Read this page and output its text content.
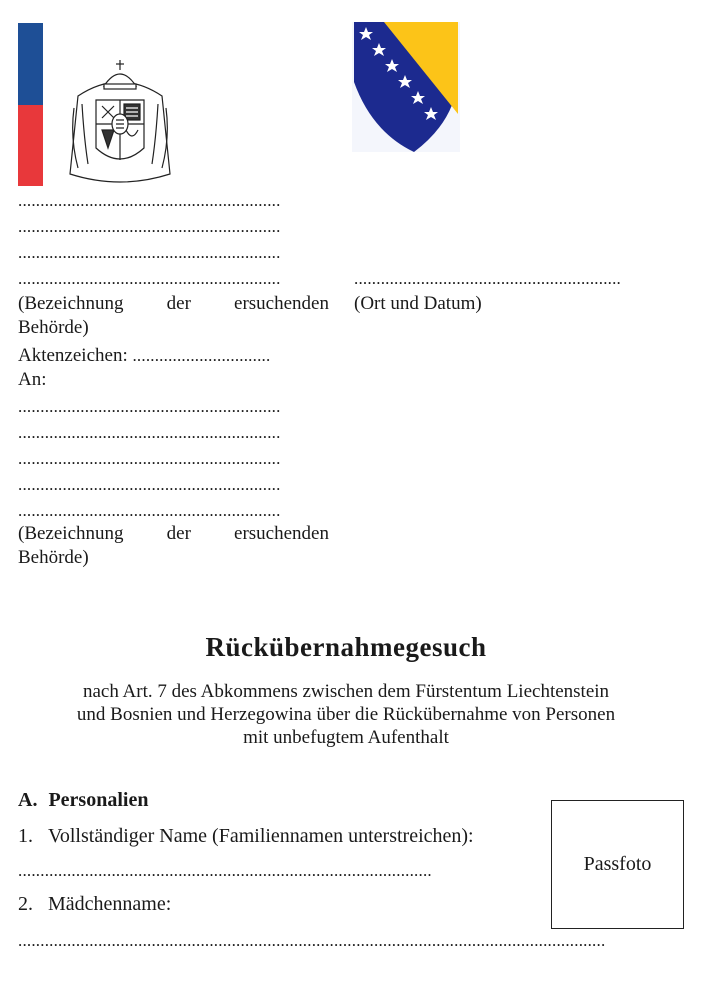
...........................................................
...........................................................
...........................................................
...........................................................
(Bezeichnung der ersuchenden
Behörde)
Aktenzeichen: ...............................
An:
...........................................................
...........................................................
...........................................................
...........................................................
...........................................................
(Bezeichnung der ersuchenden
Behörde)
............................................................
(Ort und Datum)
Rückübernahmegesuch
nach Art. 7 des Abkommens zwischen dem Fürstentum Liechtenstein
und Bosnien und Herzegowina über die Rückübernahme von Personen
mit unbefugtem Aufenthalt
A. Personalien
1. Vollständiger Name (Familiennamen unterstreichen):
.............................................................................................
2. Mädchenname:
....................................................................................................................................
Passfoto
